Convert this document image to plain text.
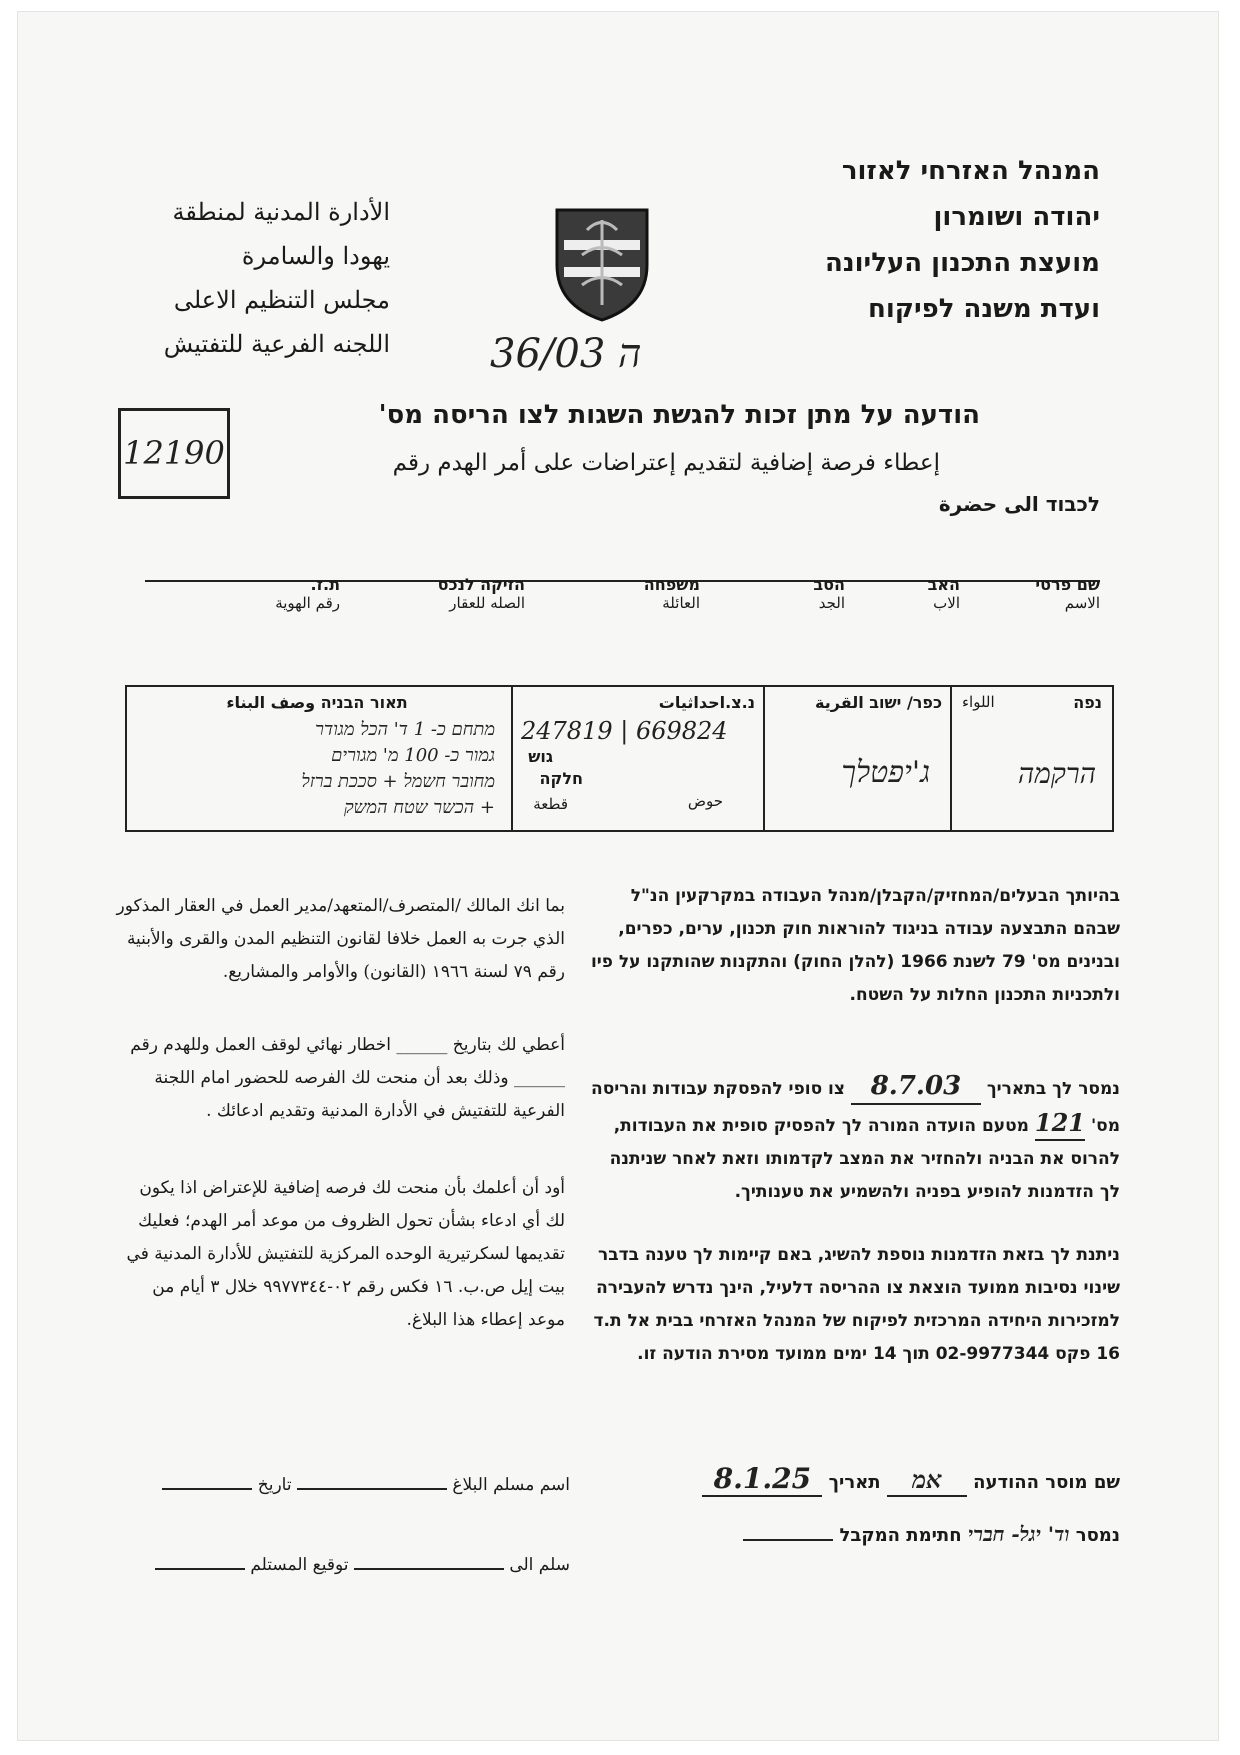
המנהל האזרחי לאזור
יהודה ושומרון
מועצת התכנון העליונה
ועדת משנה לפיקוח
الأدارة المدنية لمنطقة
يهودا والسامرة
مجلس التنظيم الاعلى
اللجنه الفرعية للتفتيش	ה 36/03
12190
הודעה על מתן זכות להגשת השגות לצו הריסה מס'
إعطاء فرصة إضافية لتقديم إعتراضات على أمر الهدم رقم
לכבוד الى حضرة
שם פרטי
الاسم
האב
الاب
הסב
الجد
משפחה
العائلة
הזיקה לנכס
الصله للعقار
ת.ז.
رقم الهوية
נפה
اللواء
הרקמה
כפר/ ישוב القرية
ג'יפטלך
נ.צ.احداثيات
247819 | 669824
גוש
חלקה
حوض
قطعة
תאור הבניה وصف البناء
מתחם כ- 1 ד' הכל מגודר
גמור כ- 100 מ' מגורים
מחובר חשמל + סככת ברזל
+ הכשר שטח המשק

בהיותך הבעלים/המחזיק/הקבלן/מנהל העבודה במקרקעין הנ"ל שבהם התבצעה עבודה בניגוד להוראות חוק תכנון, ערים, כפרים, ובנינים מס' 79 לשנת 1966 (להלן החוק) והתקנות שהותקנו על פיו ולתכניות התכנון החלות על השטח.

נמסר לך בתאריך 8.7.03 צו סופי להפסקת עבודות והריסה מס' 121 מטעם הועדה המורה לך להפסיק סופית את העבודות, להרוס את הבניה ולהחזיר את המצב לקדמותו וזאת לאחר שניתנה לך הזדמנות להופיע בפניה ולהשמיע את טענותיך.

ניתנת לך בזאת הזדמנות נוספת להשיג, באם קיימות לך טענה בדבר שינוי נסיבות ממועד הוצאת צו ההריסה דלעיל, הינך נדרש להעבירה למזכירות היחידה המרכזית לפיקוח של המנהל האזרחי בבית אל ת.ד 16 פקס 02-9977344 תוך 14 ימים ממועד מסירת הודעה זו.

بما انك المالك /المتصرف/المتعهد/مدير العمل في العقار المذكور الذي جرت به العمل خلافا لقانون التنظيم المدن والقرى والأبنية رقم ٧٩ لسنة ١٩٦٦ (القانون) والأوامر والمشاريع.

أعطي لك بتاريخ ______ اخطار نهائي لوقف العمل وللهدم رقم ______ وذلك بعد أن منحت لك الفرصه للحضور امام اللجنة الفرعية للتفتيش في الأدارة المدنية وتقديم ادعائك .

أود أن أعلمك بأن منحت لك فرصه إضافية للإعتراض اذا يكون لك أي ادعاء بشأن تحول الظروف من موعد أمر الهدم؛ فعليك تقديمها لسكرتيرية الوحده المركزية للتفتيش للأدارة المدنية في بيت إيل ص.ب. ١٦ فكس رقم ٠٢-٩٩٧٧٣٤٤ خلال ٣ أيام من موعد إعطاء هذا البلاغ.

שם מוסר ההודעה אמ תאריך 8.1.25
נמסר וד' יגל- חברי חתימת המקבל
اسم مسلم البلاغ  تاريخ
سلم الى  توقيع المستلم
